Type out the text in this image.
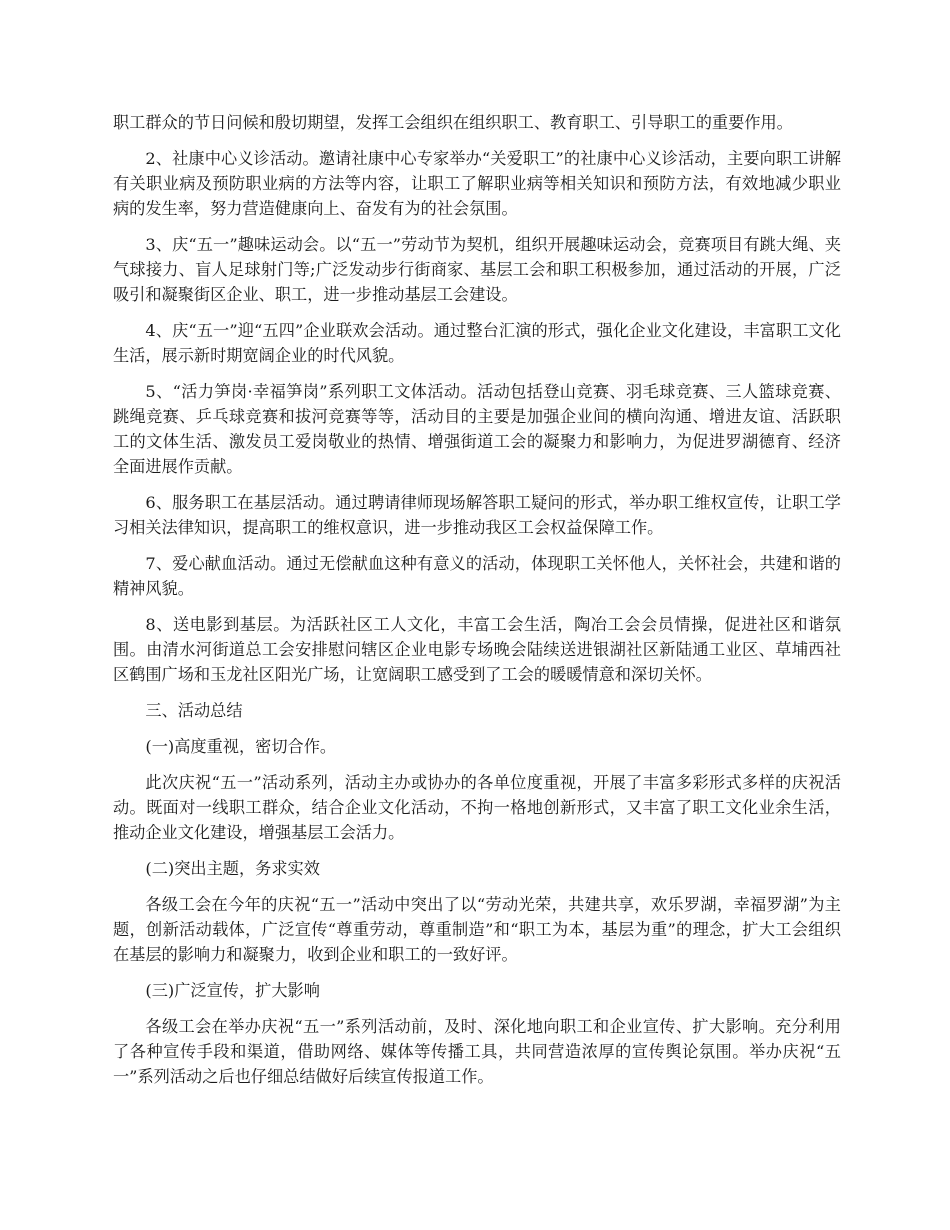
职工群众的节日问候和殷切期望，发挥工会组织在组织职工、教育职工、引导职工的重要作用。

2、社康中心义诊活动。邀请社康中心专家举办“关爱职工”的社康中心义诊活动，主要向职工讲解有关职业病及预防职业病的方法等内容，让职工了解职业病等相关知识和预防方法，有效地减少职业病的发生率，努力营造健康向上、奋发有为的社会氛围。

3、庆“五一”趣味运动会。以“五一”劳动节为契机，组织开展趣味运动会，竞赛项目有跳大绳、夹气球接力、盲人足球射门等;广泛发动步行街商家、基层工会和职工积极参加，通过活动的开展，广泛吸引和凝聚街区企业、职工，进一步推动基层工会建设。

4、庆“五一”迎“五四”企业联欢会活动。通过整台汇演的形式，强化企业文化建设，丰富职工文化生活，展示新时期宽阔企业的时代风貌。

5、“活力笋岗·幸福笋岗”系列职工文体活动。活动包括登山竞赛、羽毛球竞赛、三人篮球竞赛、跳绳竞赛、乒乓球竞赛和拔河竞赛等等，活动目的主要是加强企业间的横向沟通、增进友谊、活跃职工的文体生活、激发员工爱岗敬业的热情、增强街道工会的凝聚力和影响力，为促进罗湖德育、经济全面进展作贡献。

6、服务职工在基层活动。通过聘请律师现场解答职工疑问的形式，举办职工维权宣传，让职工学习相关法律知识，提高职工的维权意识，进一步推动我区工会权益保障工作。

7、爱心献血活动。通过无偿献血这种有意义的活动，体现职工关怀他人，关怀社会，共建和谐的精神风貌。

8、送电影到基层。为活跃社区工人文化，丰富工会生活，陶冶工会会员情操，促进社区和谐氛围。由清水河街道总工会安排慰问辖区企业电影专场晚会陆续送进银湖社区新陆通工业区、草埔西社区鹤围广场和玉龙社区阳光广场，让宽阔职工感受到了工会的暖暖情意和深切关怀。

三、活动总结

(一)高度重视，密切合作。

此次庆祝“五一”活动系列，活动主办或协办的各单位度重视，开展了丰富多彩形式多样的庆祝活动。既面对一线职工群众，结合企业文化活动，不拘一格地创新形式，又丰富了职工文化业余生活，推动企业文化建设，增强基层工会活力。

(二)突出主题，务求实效

各级工会在今年的庆祝“五一”活动中突出了以“劳动光荣，共建共享，欢乐罗湖，幸福罗湖”为主题，创新活动载体，广泛宣传“尊重劳动，尊重制造”和“职工为本，基层为重”的理念，扩大工会组织在基层的影响力和凝聚力，收到企业和职工的一致好评。

(三)广泛宣传，扩大影响

各级工会在举办庆祝“五一”系列活动前，及时、深化地向职工和企业宣传、扩大影响。充分利用了各种宣传手段和渠道，借助网络、媒体等传播工具，共同营造浓厚的宣传舆论氛围。举办庆祝“五一”系列活动之后也仔细总结做好后续宣传报道工作。
